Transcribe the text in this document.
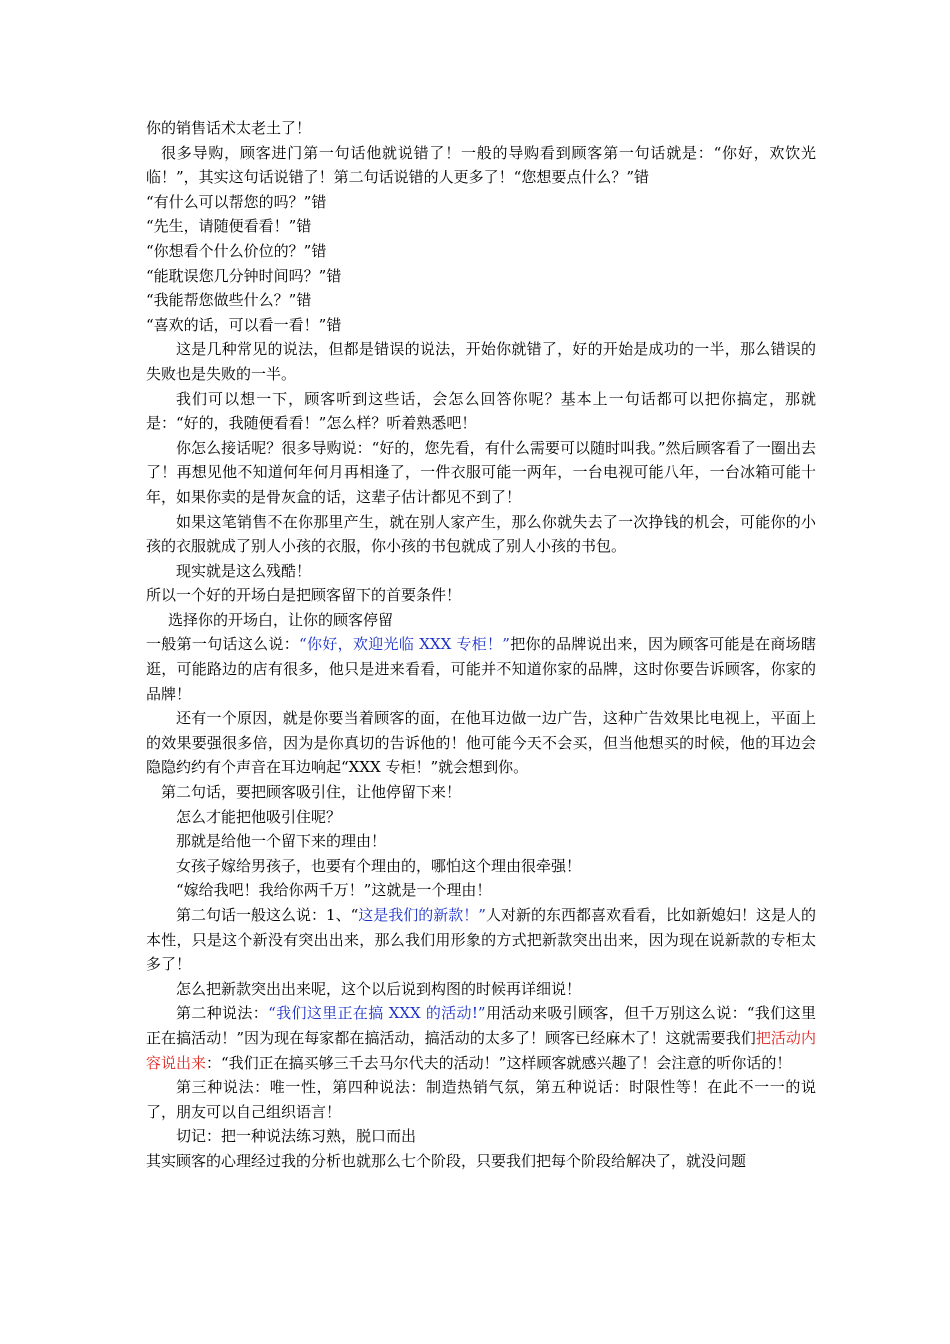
你的销售话术太老土了！

很多导购，顾客进门第一句话他就说错了！一般的导购看到顾客第一句话就是：“你好，欢饮光临！”，其实这句话说错了！第二句话说错的人更多了！“您想要点什么？”错

“有什么可以帮您的吗？”错

“先生，请随便看看！”错

“你想看个什么价位的？”错

“能耽误您几分钟时间吗？”错

“我能帮您做些什么？”错

“喜欢的话，可以看一看！”错

这是几种常见的说法，但都是错误的说法，开始你就错了，好的开始是成功的一半，那么错误的失败也是失败的一半。

我们可以想一下，顾客听到这些话，会怎么回答你呢？基本上一句话都可以把你搞定，那就是：“好的，我随便看看！”怎么样？听着熟悉吧！

你怎么接话呢？很多导购说：“好的，您先看，有什么需要可以随时叫我。”然后顾客看了一圈出去了！再想见他不知道何年何月再相逢了，一件衣服可能一两年，一台电视可能八年，一台冰箱可能十年，如果你卖的是骨灰盒的话，这辈子估计都见不到了！

如果这笔销售不在你那里产生，就在别人家产生，那么你就失去了一次挣钱的机会，可能你的小孩的衣服就成了别人小孩的衣服，你小孩的书包就成了别人小孩的书包。

现实就是这么残酷！

所以一个好的开场白是把顾客留下的首要条件！

选择你的开场白，让你的顾客停留

一般第一句话这么说：“你好，欢迎光临 XXX 专柜！”把你的品牌说出来，因为顾客可能是在商场瞎逛，可能路边的店有很多，他只是进来看看，可能并不知道你家的品牌，这时你要告诉顾客，你家的品牌！

还有一个原因，就是你要当着顾客的面，在他耳边做一边广告，这种广告效果比电视上，平面上的效果要强很多倍，因为是你真切的告诉他的！他可能今天不会买，但当他想买的时候，他的耳边会隐隐约约有个声音在耳边响起“XXX 专柜！”就会想到你。

第二句话，要把顾客吸引住，让他停留下来！

怎么才能把他吸引住呢？

那就是给他一个留下来的理由！

女孩子嫁给男孩子，也要有个理由的，哪怕这个理由很牵强！

“嫁给我吧！我给你两千万！”这就是一个理由！

第二句话一般这么说：1、“这是我们的新款！”人对新的东西都喜欢看看，比如新媳妇！这是人的本性，只是这个新没有突出出来，那么我们用形象的方式把新款突出出来，因为现在说新款的专柜太多了！

怎么把新款突出出来呢，这个以后说到构图的时候再详细说！

第二种说法：“我们这里正在搞 XXX 的活动!”用活动来吸引顾客，但千万别这么说：“我们这里正在搞活动！”因为现在每家都在搞活动，搞活动的太多了！顾客已经麻木了！这就需要我们把活动内容说出来：“我们正在搞买够三千去马尔代夫的活动！”这样顾客就感兴趣了！会注意的听你话的！

第三种说法：唯一性，第四种说法：制造热销气氛，第五种说话：时限性等！在此不一一的说了，朋友可以自己组织语言！

切记：把一种说法练习熟，脱口而出

其实顾客的心理经过我的分析也就那么七个阶段，只要我们把每个阶段给解决了，就没问题
